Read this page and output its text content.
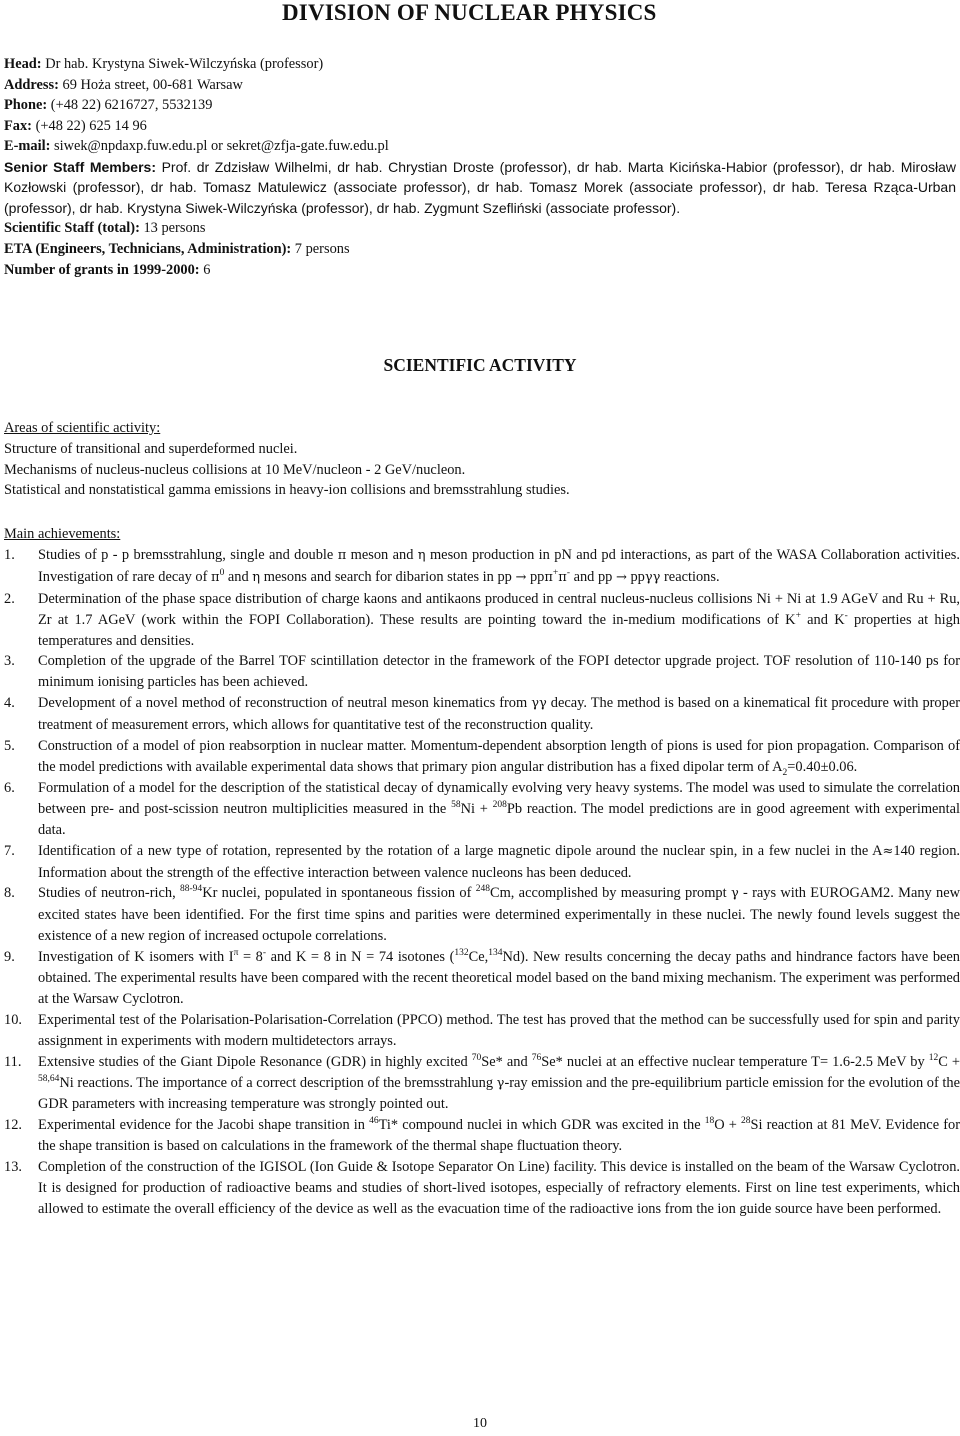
DIVISION OF NUCLEAR PHYSICS
Head: Dr hab. Krystyna Siwek-Wilczyńska (professor)
Address: 69 Hoża street, 00-681 Warsaw
Phone: (+48 22) 6216727, 5532139
Fax: (+48 22) 625 14 96
E-mail: siwek@npdaxp.fuw.edu.pl or sekret@zfja-gate.fuw.edu.pl
Senior Staff Members: Prof. dr Zdzisław Wilhelmi, dr hab. Chrystian Droste (professor), dr hab. Marta Kicińska-Habior (professor), dr hab. Mirosław Kozłowski (professor), dr hab. Tomasz Matulewicz (associate professor), dr hab. Tomasz Morek (associate professor), dr hab. Teresa Rząca-Urban (professor), dr hab. Krystyna Siwek-Wilczyńska (professor), dr hab. Zygmunt Szefliński (associate professor).
Scientific Staff (total): 13 persons
ETA (Engineers, Technicians, Administration): 7 persons
Number of grants in 1999-2000: 6
SCIENTIFIC ACTIVITY
Areas of scientific activity:
Structure of transitional and superdeformed nuclei.
Mechanisms of nucleus-nucleus collisions at 10 MeV/nucleon - 2 GeV/nucleon.
Statistical and nonstatistical gamma emissions in heavy-ion collisions and bremsstrahlung studies.
Main achievements:
1. Studies of p - p bremsstrahlung, single and double π meson and η meson production in pN and pd interactions, as part of the WASA Collaboration activities. Investigation of rare decay of $\pi^0$ and η mesons and search for dibarion states in pp → ppπ+π- and pp → ppγγ reactions.
2. Determination of the phase space distribution of charge kaons and antikaons produced in central nucleus-nucleus collisions Ni + Ni at 1.9 AGeV and Ru + Ru, Zr at 1.7 AGeV (work within the FOPI Collaboration). These results are pointing toward the in-medium modifications of K+ and K- properties at high temperatures and densities.
3. Completion of the upgrade of the Barrel TOF scintillation detector in the framework of the FOPI detector upgrade project. TOF resolution of 110-140 ps for minimum ionising particles has been achieved.
4. Development of a novel method of reconstruction of neutral meson kinematics from γγ decay. The method is based on a kinematical fit procedure with proper treatment of measurement errors, which allows for quantitative test of the reconstruction quality.
5. Construction of a model of pion reabsorption in nuclear matter. Momentum-dependent absorption length of pions is used for pion propagation. Comparison of the model predictions with available experimental data shows that primary pion angular distribution has a fixed dipolar term of $A_2=0.40\pm 0.06$.
6. Formulation of a model for the description of the statistical decay of dynamically evolving very heavy systems. The model was used to simulate the correlation between pre- and post-scission neutron multiplicities measured in the $^{58}$Ni + $^{208}$Pb reaction. The model predictions are in good agreement with experimental data.
7. Identification of a new type of rotation, represented by the rotation of a large magnetic dipole around the nuclear spin, in a few nuclei in the A≈140 region. Information about the strength of the effective interaction between valence nucleons has been deduced.
8. Studies of neutron-rich, $^{88-94}$Kr nuclei, populated in spontaneous fission of $^{248}$Cm, accomplished by measuring prompt γ - rays with EUROGAM2. Many new excited states have been identified. For the first time spins and parities were determined experimentally in these nuclei. The newly found levels suggest the existence of a new region of increased octupole correlations.
9. Investigation of K isomers with $I^\pi = 8^-$ and K = 8 in N = 74 isotones ($^{132}$Ce,$^{134}$Nd). New results concerning the decay paths and hindrance factors have been obtained. The experimental results have been compared with the recent theoretical model based on the band mixing mechanism. The experiment was performed at the Warsaw Cyclotron.
10. Experimental test of the Polarisation-Polarisation-Correlation (PPCO) method. The test has proved that the method can be successfully used for spin and parity assignment in experiments with modern multidetectors arrays.
11. Extensive studies of the Giant Dipole Resonance (GDR) in highly excited $^{70}$Se* and $^{76}$Se* nuclei at an effective nuclear temperature T= 1.6-2.5 MeV by $^{12}$C + $^{58,64}$Ni reactions. The importance of a correct description of the bremsstrahlung γ-ray emission and the pre-equilibrium particle emission for the evolution of the GDR parameters with increasing temperature was strongly pointed out.
12. Experimental evidence for the Jacobi shape transition in $^{46}$Ti* compound nuclei in which GDR was excited in the $^{18}$O + $^{28}$Si reaction at 81 MeV. Evidence for the shape transition is based on calculations in the framework of the thermal shape fluctuation theory.
13. Completion of the construction of the IGISOL (Ion Guide & Isotope Separator On Line) facility. This device is installed on the beam of the Warsaw Cyclotron. It is designed for production of radioactive beams and studies of short-lived isotopes, especially of refractory elements. First on line test experiments, which allowed to estimate the overall efficiency of the device as well as the evacuation time of the radioactive ions from the ion guide source have been performed.
10
